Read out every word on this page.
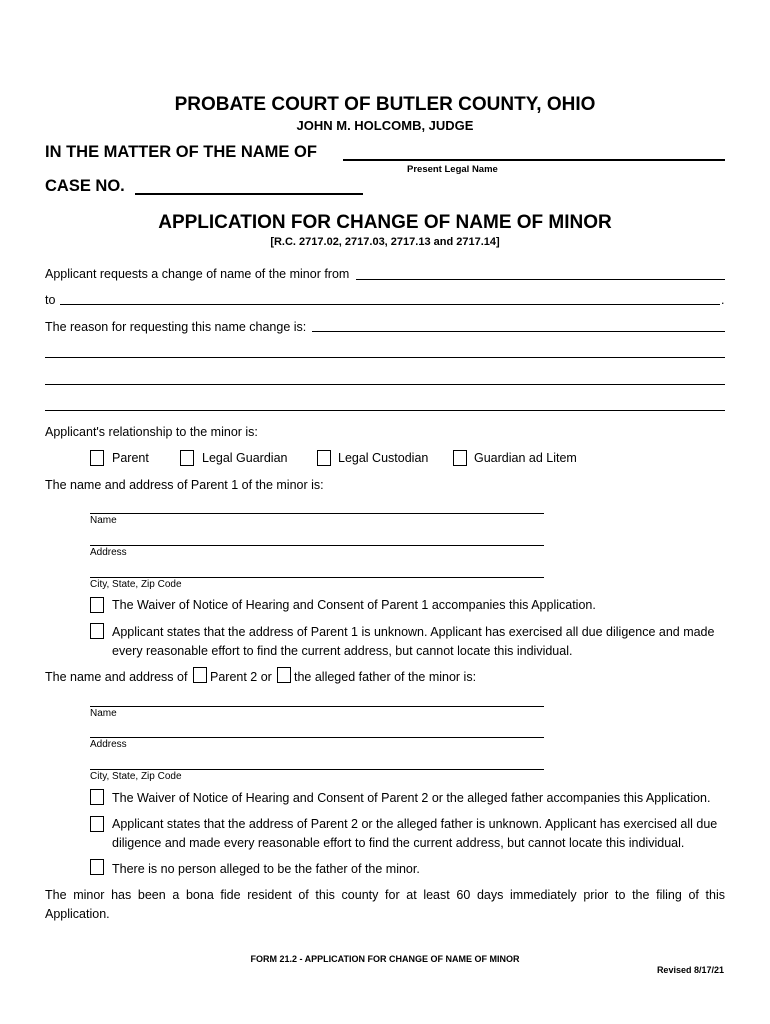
PROBATE COURT OF BUTLER COUNTY, OHIO
JOHN M. HOLCOMB, JUDGE
IN THE MATTER OF THE NAME OF
Present Legal Name
CASE NO.
APPLICATION FOR CHANGE OF NAME OF MINOR
[R.C. 2717.02, 2717.03, 2717.13 and 2717.14]
Applicant requests a change of name of the minor from
to	.
The reason for requesting this name change is:
Applicant's relationship to the minor is:
Parent	Legal Guardian	Legal Custodian	Guardian ad Litem
The name and address of Parent 1 of the minor is:
Name
Address
City, State, Zip Code
The Waiver of Notice of Hearing and Consent of Parent 1 accompanies this Application.
Applicant states that the address of Parent 1 is unknown. Applicant has exercised all due diligence and made
every reasonable effort to find the current address, but cannot locate this individual.
The name and address of Parent 2 or the alleged father of the minor is:
Name
Address
City, State, Zip Code
The Waiver of Notice of Hearing and Consent of Parent 2 or the alleged father accompanies this Application.
Applicant states that the address of Parent 2 or the alleged father is unknown. Applicant has exercised all due
diligence and made every reasonable effort to find the current address, but cannot locate this individual.
There is no person alleged to be the father of the minor.
The minor has been a bona fide resident of this county for at least 60 days immediately prior to the filing of this
Application.
FORM 21.2 - APPLICATION FOR CHANGE OF NAME OF MINOR
Revised 8/17/21
